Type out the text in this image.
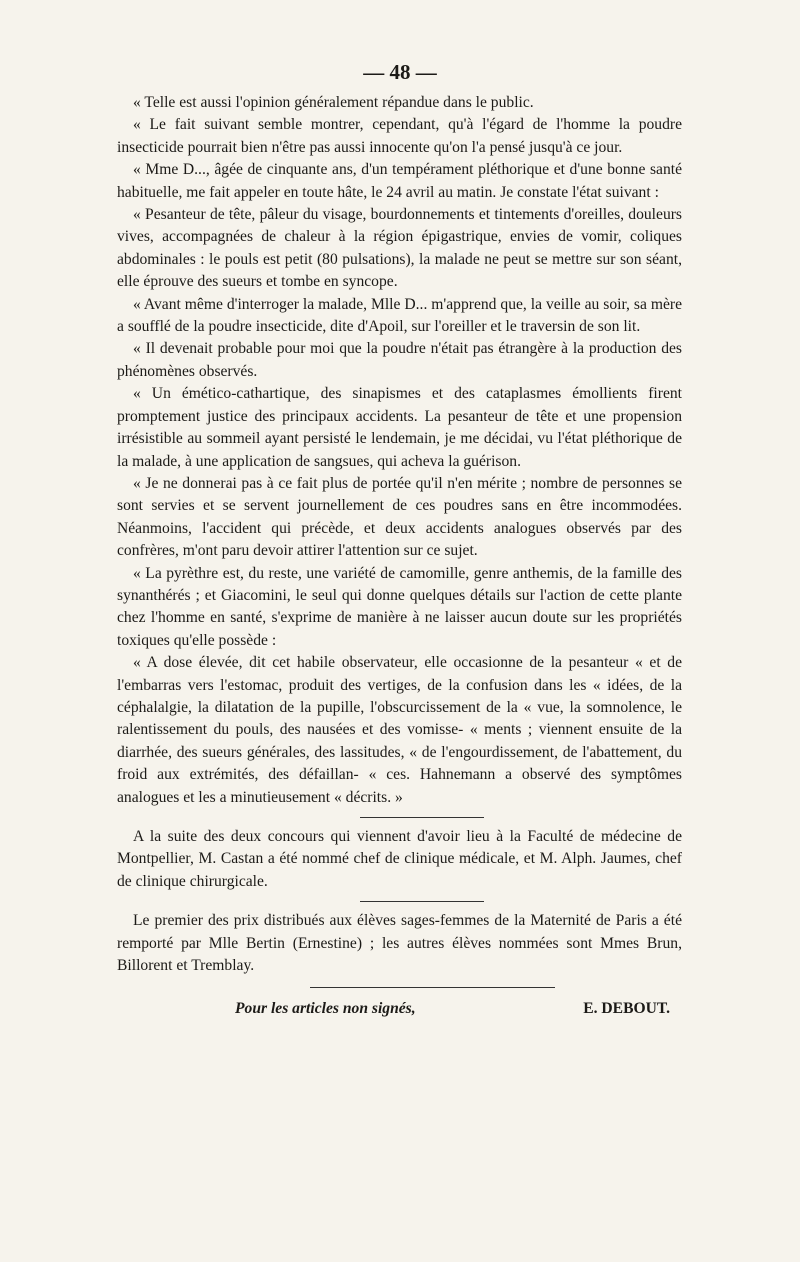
— 48 —

« Telle est aussi l'opinion généralement répandue dans le public.

« Le fait suivant semble montrer, cependant, qu'à l'égard de l'homme la poudre insecticide pourrait bien n'être pas aussi innocente qu'on l'a pensé jusqu'à ce jour.

« Mme D..., âgée de cinquante ans, d'un tempérament pléthorique et d'une bonne santé habituelle, me fait appeler en toute hâte, le 24 avril au matin. Je constate l'état suivant :

« Pesanteur de tête, pâleur du visage, bourdonnements et tintements d'oreilles, douleurs vives, accompagnées de chaleur à la région épigastrique, envies de vomir, coliques abdominales : le pouls est petit (80 pulsations), la malade ne peut se mettre sur son séant, elle éprouve des sueurs et tombe en syncope.

« Avant même d'interroger la malade, Mlle D... m'apprend que, la veille au soir, sa mère a soufflé de la poudre insecticide, dite d'Apoil, sur l'oreiller et le traversin de son lit.

« Il devenait probable pour moi que la poudre n'était pas étrangère à la production des phénomènes observés.

« Un émético-cathartique, des sinapismes et des cataplasmes émollients firent promptement justice des principaux accidents. La pesanteur de tête et une propension irrésistible au sommeil ayant persisté le lendemain, je me décidai, vu l'état pléthorique de la malade, à une application de sangsues, qui acheva la guérison.

« Je ne donnerai pas à ce fait plus de portée qu'il n'en mérite ; nombre de personnes se sont servies et se servent journellement de ces poudres sans en être incommodées. Néanmoins, l'accident qui précède, et deux accidents analogues observés par des confrères, m'ont paru devoir attirer l'attention sur ce sujet.

« La pyrèthre est, du reste, une variété de camomille, genre anthemis, de la famille des synanthérés ; et Giacomini, le seul qui donne quelques détails sur l'action de cette plante chez l'homme en santé, s'exprime de manière à ne laisser aucun doute sur les propriétés toxiques qu'elle possède :

« A dose élevée, dit cet habile observateur, elle occasionne de la pesanteur « et de l'embarras vers l'estomac, produit des vertiges, de la confusion dans les « idées, de la céphalalgie, la dilatation de la pupille, l'obscurcissement de la « vue, la somnolence, le ralentissement du pouls, des nausées et des vomisse- « ments ; viennent ensuite de la diarrhée, des sueurs générales, des lassitudes, « de l'engourdissement, de l'abattement, du froid aux extrémités, des défaillan- « ces. Hahnemann a observé des symptômes analogues et les a minutieusement « décrits. »

A la suite des deux concours qui viennent d'avoir lieu à la Faculté de médecine de Montpellier, M. Castan a été nommé chef de clinique médicale, et M. Alph. Jaumes, chef de clinique chirurgicale.

Le premier des prix distribués aux élèves sages-femmes de la Maternité de Paris a été remporté par Mlle Bertin (Ernestine) ; les autres élèves nommées sont Mmes Brun, Billorent et Tremblay.

Pour les articles non signés,	E. DEBOUT.
